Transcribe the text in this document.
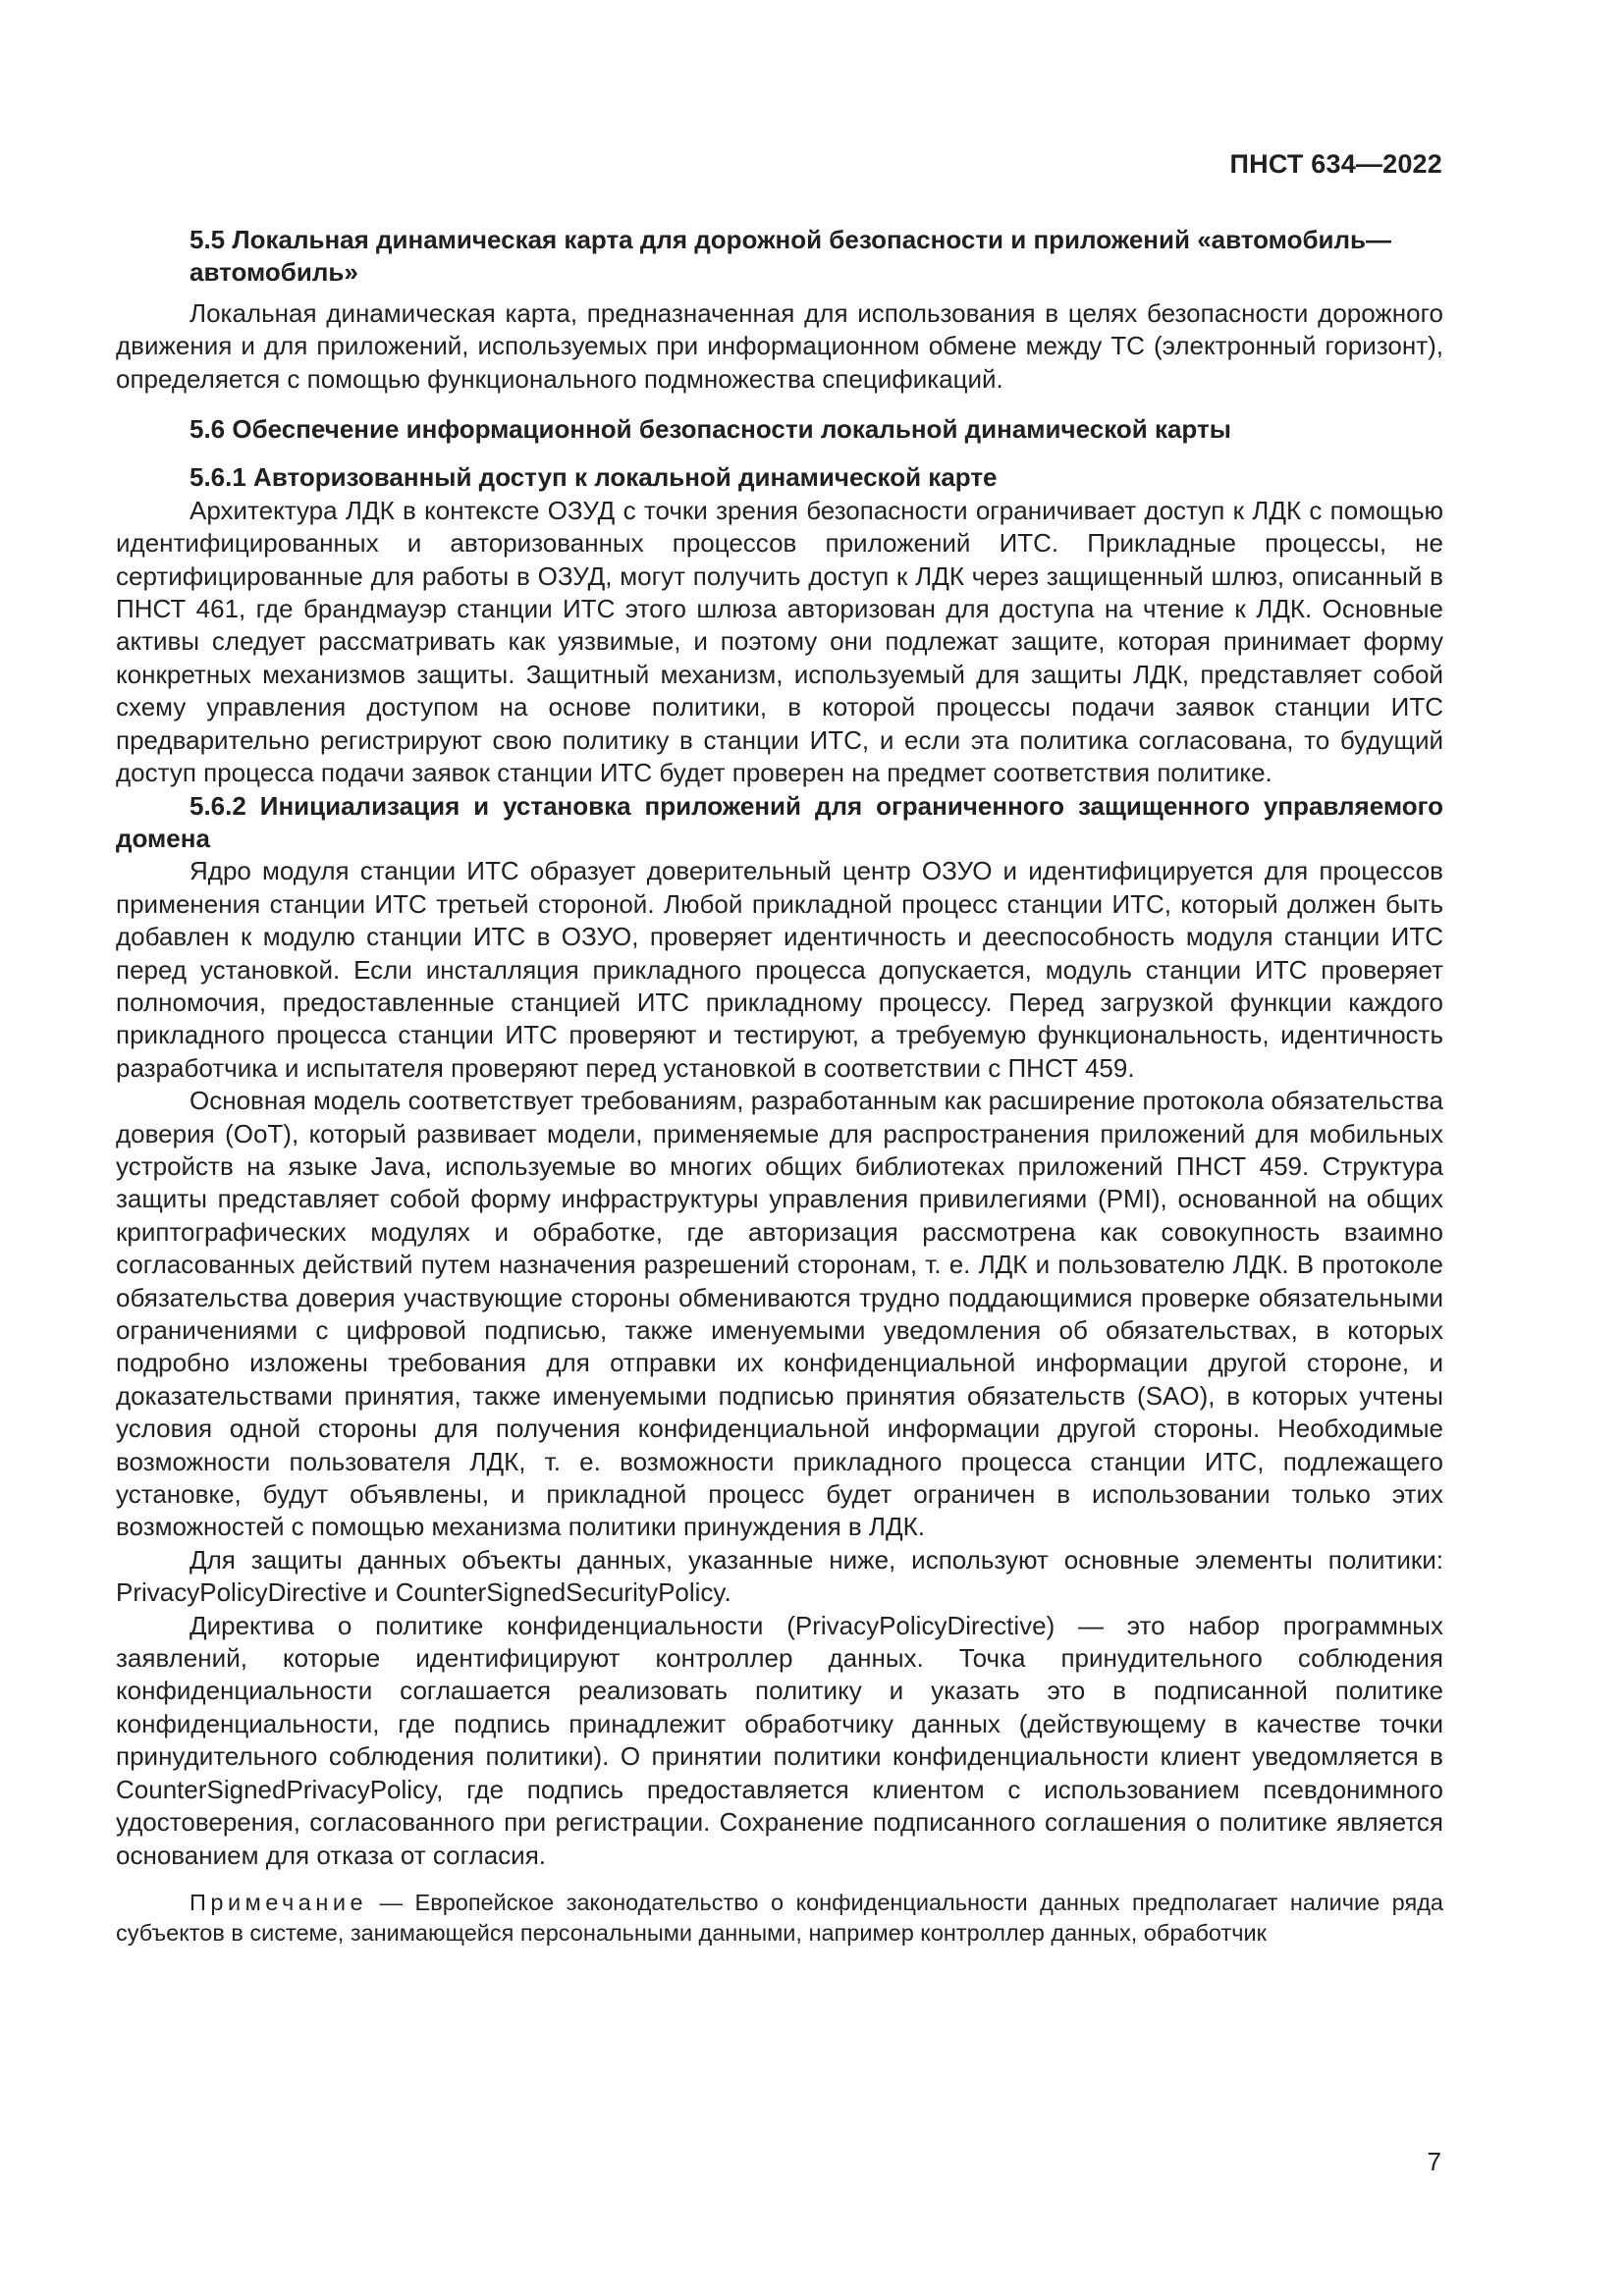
ПНСТ 634—2022
5.5 Локальная динамическая карта для дорожной безопасности и приложений «автомобиль—автомобиль»

Локальная динамическая карта, предназначенная для использования в целях безопасности дорожного движения и для приложений, используемых при информационном обмене между ТС (электронный горизонт), определяется с помощью функционального подмножества спецификаций.

5.6 Обеспечение информационной безопасности локальной динамической карты
5.6.1 Авторизованный доступ к локальной динамической карте

Архитектура ЛДК в контексте ОЗУД с точки зрения безопасности ограничивает доступ к ЛДК с помощью идентифицированных и авторизованных процессов приложений ИТС. Прикладные процессы, не сертифицированные для работы в ОЗУД, могут получить доступ к ЛДК через защищенный шлюз, описанный в ПНСТ 461, где брандмауэр станции ИТС этого шлюза авторизован для доступа на чтение к ЛДК. Основные активы следует рассматривать как уязвимые, и поэтому они подлежат защите, которая принимает форму конкретных механизмов защиты. Защитный механизм, используемый для защиты ЛДК, представляет собой схему управления доступом на основе политики, в которой процессы подачи заявок станции ИТС предварительно регистрируют свою политику в станции ИТС, и если эта политика согласована, то будущий доступ процесса подачи заявок станции ИТС будет проверен на предмет соответствия политике.

5.6.2 Инициализация и установка приложений для ограниченного защищенного управляемого домена

Ядро модуля станции ИТС образует доверительный центр ОЗУО и идентифицируется для процессов применения станции ИТС третьей стороной. Любой прикладной процесс станции ИТС, который должен быть добавлен к модулю станции ИТС в ОЗУО, проверяет идентичность и дееспособность модуля станции ИТС перед установкой. Если инсталляция прикладного процесса допускается, модуль станции ИТС проверяет полномочия, предоставленные станцией ИТС прикладному процессу. Перед загрузкой функции каждого прикладного процесса станции ИТС проверяют и тестируют, а требуемую функциональность, идентичность разработчика и испытателя проверяют перед установкой в соответствии с ПНСТ 459.

Основная модель соответствует требованиям, разработанным как расширение протокола обязательства доверия (OoT), который развивает модели, применяемые для распространения приложений для мобильных устройств на языке Java, используемые во многих общих библиотеках приложений ПНСТ 459. Структура защиты представляет собой форму инфраструктуры управления привилегиями (PMI), основанной на общих криптографических модулях и обработке, где авторизация рассмотрена как совокупность взаимно согласованных действий путем назначения разрешений сторонам, т. е. ЛДК и пользователю ЛДК. В протоколе обязательства доверия участвующие стороны обмениваются трудно поддающимися проверке обязательными ограничениями с цифровой подписью, также именуемыми уведомления об обязательствах, в которых подробно изложены требования для отправки их конфиденциальной информации другой стороне, и доказательствами принятия, также именуемыми подписью принятия обязательств (SAO), в которых учтены условия одной стороны для получения конфиденциальной информации другой стороны. Необходимые возможности пользователя ЛДК, т. е. возможности прикладного процесса станции ИТС, подлежащего установке, будут объявлены, и прикладной процесс будет ограничен в использовании только этих возможностей с помощью механизма политики принуждения в ЛДК.

Для защиты данных объекты данных, указанные ниже, используют основные элементы политики: PrivacyPolicyDirective и CounterSignedSecurityPolicy.

Директива о политике конфиденциальности (PrivacyPolicyDirective) — это набор программных заявлений, которые идентифицируют контроллер данных. Точка принудительного соблюдения конфиденциальности соглашается реализовать политику и указать это в подписанной политике конфиденциальности, где подпись принадлежит обработчику данных (действующему в качестве точки принудительного соблюдения политики). О принятии политики конфиденциальности клиент уведомляется в CounterSignedPrivacyPolicy, где подпись предоставляется клиентом с использованием псевдонимного удостоверения, согласованного при регистрации. Сохранение подписанного соглашения о политике является основанием для отказа от согласия.

Примечание — Европейское законодательство о конфиденциальности данных предполагает наличие ряда субъектов в системе, занимающейся персональными данными, например контроллер данных, обработчик

7
